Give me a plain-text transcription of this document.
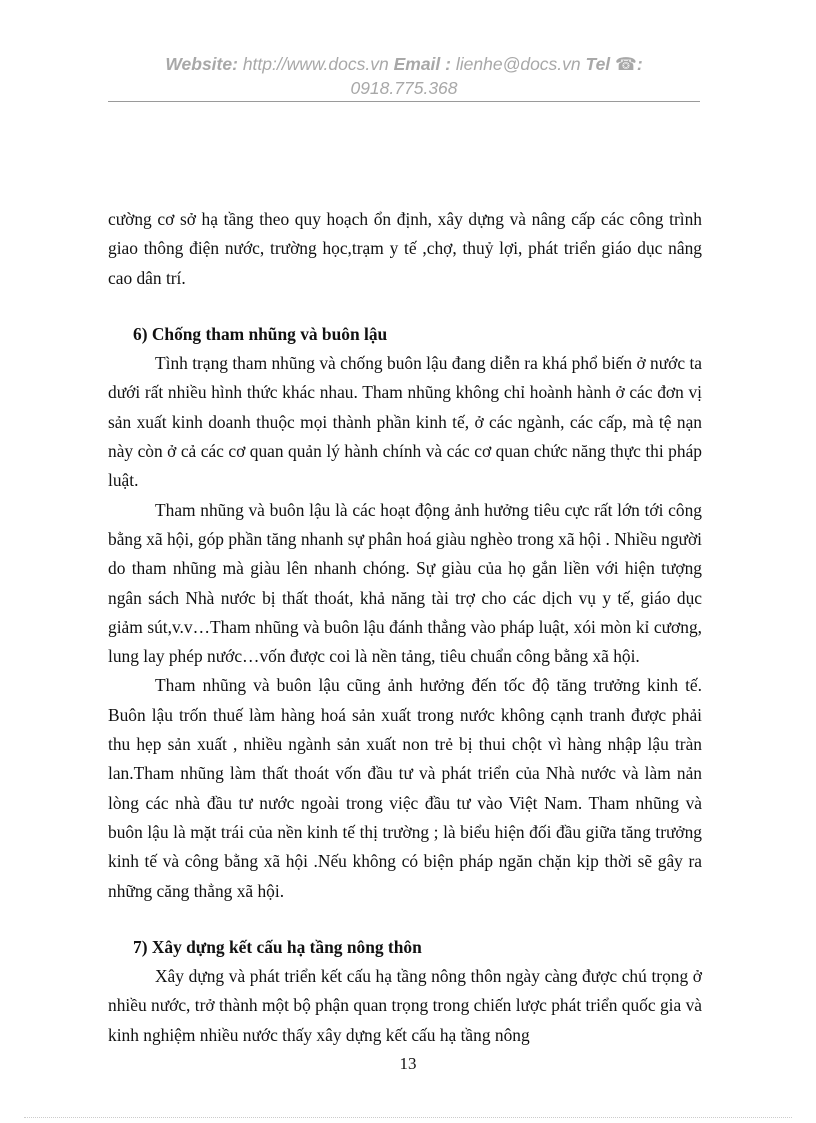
Website: http://www.docs.vn Email : lienhe@docs.vn Tel ☎:
0918.775.368

cường cơ sở hạ tầng theo quy hoạch ổn định, xây dựng và nâng cấp các công trình giao thông điện nước, trường học,trạm y tế ,chợ, thuỷ lợi, phát triển giáo dục nâng cao dân trí.

6) Chống tham nhũng và buôn lậu

Tình trạng tham nhũng và chống buôn lậu đang diễn ra khá phổ biến ở nước ta dưới rất nhiều hình thức khác nhau. Tham nhũng không chỉ hoành hành ở các đơn vị sản xuất kinh doanh thuộc mọi thành phần kinh tế, ở các ngành, các cấp, mà tệ nạn này còn ở cả các cơ quan quản lý hành chính và các cơ quan chức năng thực thi pháp luật.

Tham nhũng và buôn lậu là các hoạt động ảnh hưởng tiêu cực rất lớn tới công bằng xã hội, góp phần tăng nhanh sự phân hoá giàu nghèo trong xã hội . Nhiều người do tham nhũng mà giàu lên nhanh chóng. Sự giàu của họ gắn liền với hiện tượng ngân sách Nhà nước bị thất thoát, khả năng tài trợ cho các dịch vụ y tế, giáo dục giảm sút,v.v…Tham nhũng và buôn lậu đánh thẳng vào pháp luật, xói mòn kỉ cương, lung lay phép nước…vốn được coi là nền tảng, tiêu chuẩn công bằng xã hội.

Tham nhũng và buôn lậu cũng ảnh hưởng đến tốc độ tăng trưởng kinh tế. Buôn lậu trốn thuế làm hàng hoá sản xuất trong nước không cạnh tranh được phải thu hẹp sản xuất , nhiều ngành sản xuất non trẻ bị thui chột vì hàng nhập lậu tràn lan.Tham nhũng làm thất thoát vốn đầu tư và phát triển của Nhà nước và làm nản lòng các nhà đầu tư nước ngoài trong việc đầu tư vào Việt Nam. Tham nhũng và buôn lậu là mặt trái của nền kinh tế thị trường ; là biểu hiện đối đầu giữa tăng trưởng kinh tế và công bằng xã hội .Nếu không có biện pháp ngăn chặn kịp thời sẽ gây ra những căng thẳng xã hội.

7) Xây dựng kết cấu hạ tầng nông thôn

Xây dựng và phát triển kết cấu hạ tầng nông thôn ngày càng được chú trọng ở nhiều nước, trở thành một bộ phận quan trọng trong chiến lược phát triển quốc gia và kinh nghiệm nhiều nước thấy xây dựng kết cấu hạ tầng nông

13
